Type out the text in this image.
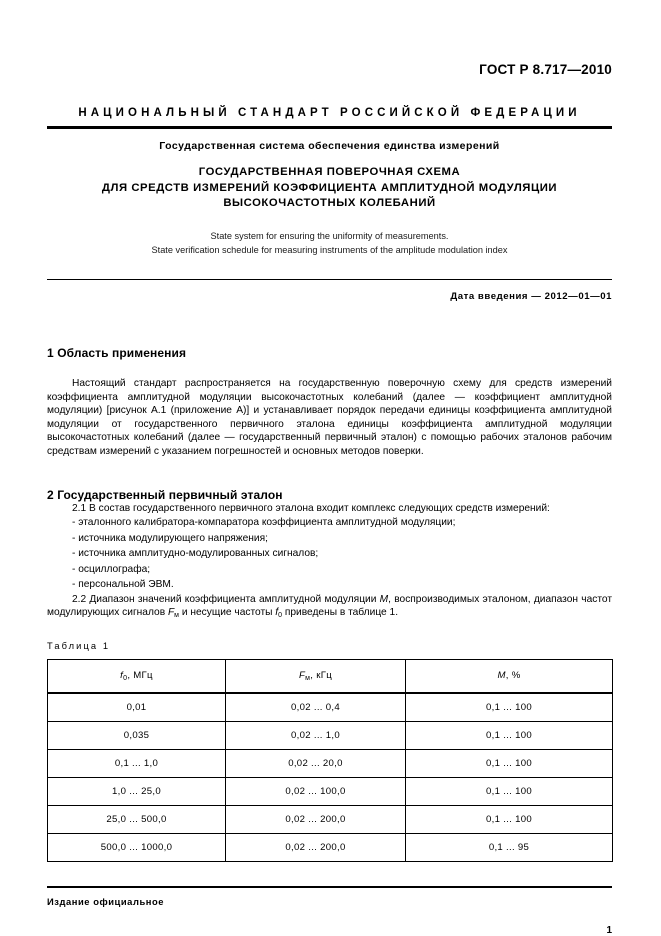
ГОСТ Р 8.717—2010
НАЦИОНАЛЬНЫЙ СТАНДАРТ РОССИЙСКОЙ ФЕДЕРАЦИИ
Государственная система обеспечения единства измерений
ГОСУДАРСТВЕННАЯ ПОВЕРОЧНАЯ СХЕМА
ДЛЯ СРЕДСТВ ИЗМЕРЕНИЙ КОЭФФИЦИЕНТА АМПЛИТУДНОЙ МОДУЛЯЦИИ
ВЫСОКОЧАСТОТНЫХ КОЛЕБАНИЙ
State system for ensuring the uniformity of measurements.
State verification schedule for measuring instruments of the amplitude modulation index
Дата введения — 2012—01—01
1 Область применения

Настоящий стандарт распространяется на государственную поверочную схему для средств измерений коэффициента амплитудной модуляции высокочастотных колебаний (далее — коэффициент амплитудной модуляции) [рисунок А.1 (приложение А)] и устанавливает порядок передачи единицы коэффициента амплитудной модуляции от государственного первичного эталона единицы коэффициента амплитудной модуляции высокочастотных колебаний (далее — государственный первичный эталон) с помощью рабочих эталонов рабочим средствам измерений с указанием погрешностей и основных методов поверки.

2 Государственный первичный эталон

2.1 В состав государственного первичного эталона входит комплекс следующих средств измерений:

- эталонного калибратора-компаратора коэффициента амплитудной модуляции;
- источника модулирующего напряжения;
- источника амплитудно-модулированных сигналов;
- осциллографа;
- персональной ЭВМ.

2.2 Диапазон значений коэффициента амплитудной модуляции M, воспроизводимых эталоном, диапазон частот модулирующих сигналов $F_м$ и несущие частоты $f_0$ приведены в таблице 1.

Таблица 1
$f_0$, МГц	$F_м$, кГц	M, %
0,01	0,02 ... 0,4	0,1 ... 100
0,035	0,02 ... 1,0	0,1 ... 100
0,1 ... 1,0	0,02 ... 20,0	0,1 ... 100
1,0 ... 25,0	0,02 ... 100,0	0,1 ... 100
25,0 ... 500,0	0,02 ... 200,0	0,1 ... 100
500,0 ... 1000,0	0,02 ... 200,0	0,1 ... 95
Издание официальное
1
